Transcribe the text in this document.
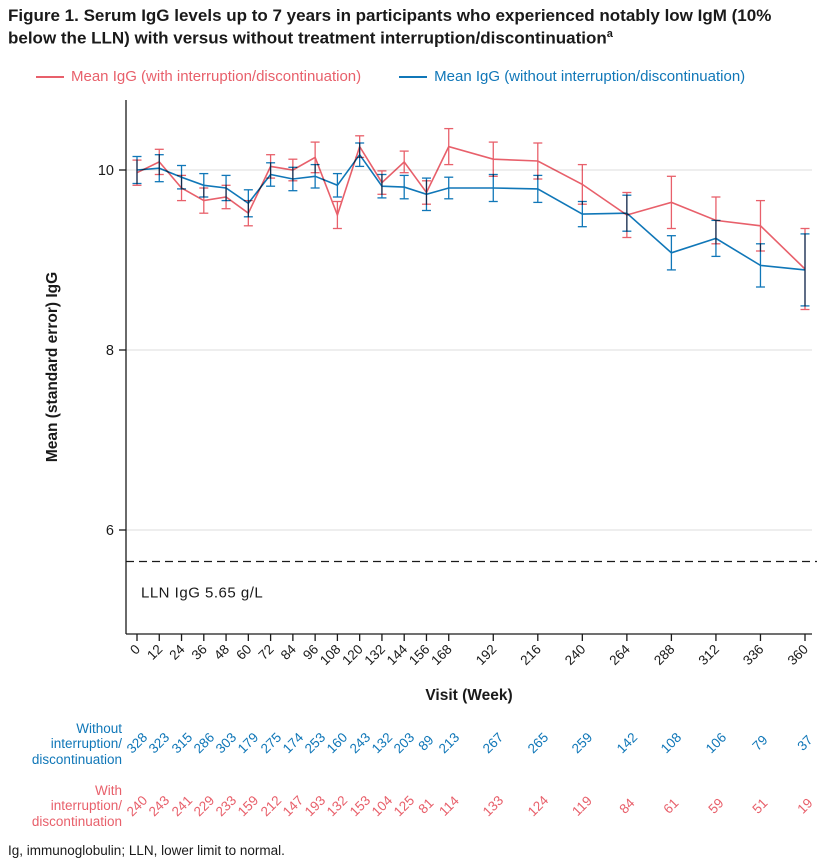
6
8
10
0 12 24 36 48 60 72 84 96
108
120
132
144
156
168 192 216 240 264 288 312 336 360
Visit (Week)
Mean (standard error) IgG
LLN IgG 5.65 g/L
Figure 1. Serum IgG levels up to 7 years in participants who experienced notably low IgM (10% below the LLN) with versus without treatment interruption/discontinuation$^a$
Mean IgG (with interruption/discontinuation)	Mean IgG (without interruption/discontinuation)
Without
interruption/
discontinuation
With
interruption/
discontinuation
328
323
315
286
303
179
275
174
253
160
243
132
203
89
213 267 265 259 142 108 106 79 37
240
243
241
229
233
159
212
147
193
132
153
104
125
81
114 133 124 119 84 61 59 51 19
Ig, immunoglobulin; LLN, lower limit to normal.
